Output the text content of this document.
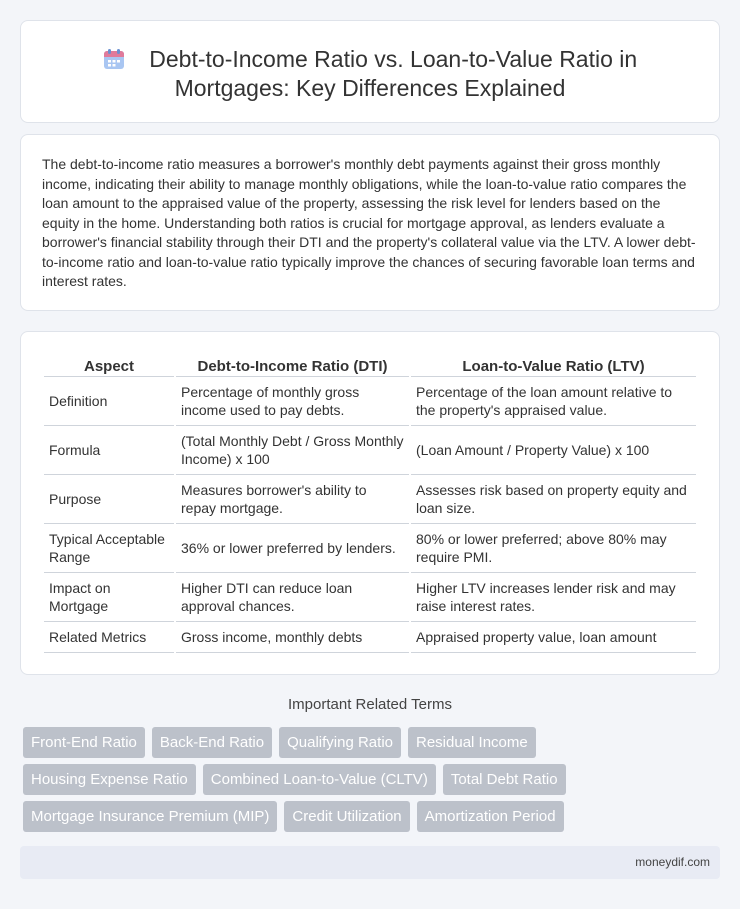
Debt-to-Income Ratio vs. Loan-to-Value Ratio in Mortgages: Key Differences Explained

The debt-to-income ratio measures a borrower's monthly debt payments against their gross monthly income, indicating their ability to manage monthly obligations, while the loan-to-value ratio compares the loan amount to the appraised value of the property, assessing the risk level for lenders based on the equity in the home. Understanding both ratios is crucial for mortgage approval, as lenders evaluate a borrower's financial stability through their DTI and the property's collateral value via the LTV. A lower debt-to-income ratio and loan-to-value ratio typically improve the chances of securing favorable loan terms and interest rates.

Aspect	Debt-to-Income Ratio (DTI)	Loan-to-Value Ratio (LTV)
Definition	Percentage of monthly gross income used to pay debts.	Percentage of the loan amount relative to the property's appraised value.
Formula	(Total Monthly Debt / Gross Monthly Income) x 100	(Loan Amount / Property Value) x 100
Purpose	Measures borrower's ability to repay mortgage.	Assesses risk based on property equity and loan size.
Typical Acceptable Range	36% or lower preferred by lenders.	80% or lower preferred; above 80% may require PMI.
Impact on Mortgage	Higher DTI can reduce loan approval chances.	Higher LTV increases lender risk and may raise interest rates.
Related Metrics	Gross income, monthly debts	Appraised property value, loan amount
Important Related Terms
Front-End Ratio	Back-End Ratio	Qualifying Ratio	Residual Income
Housing Expense Ratio	Combined Loan-to-Value (CLTV)	Total Debt Ratio
Mortgage Insurance Premium (MIP)	Credit Utilization	Amortization Period
moneydif.com
